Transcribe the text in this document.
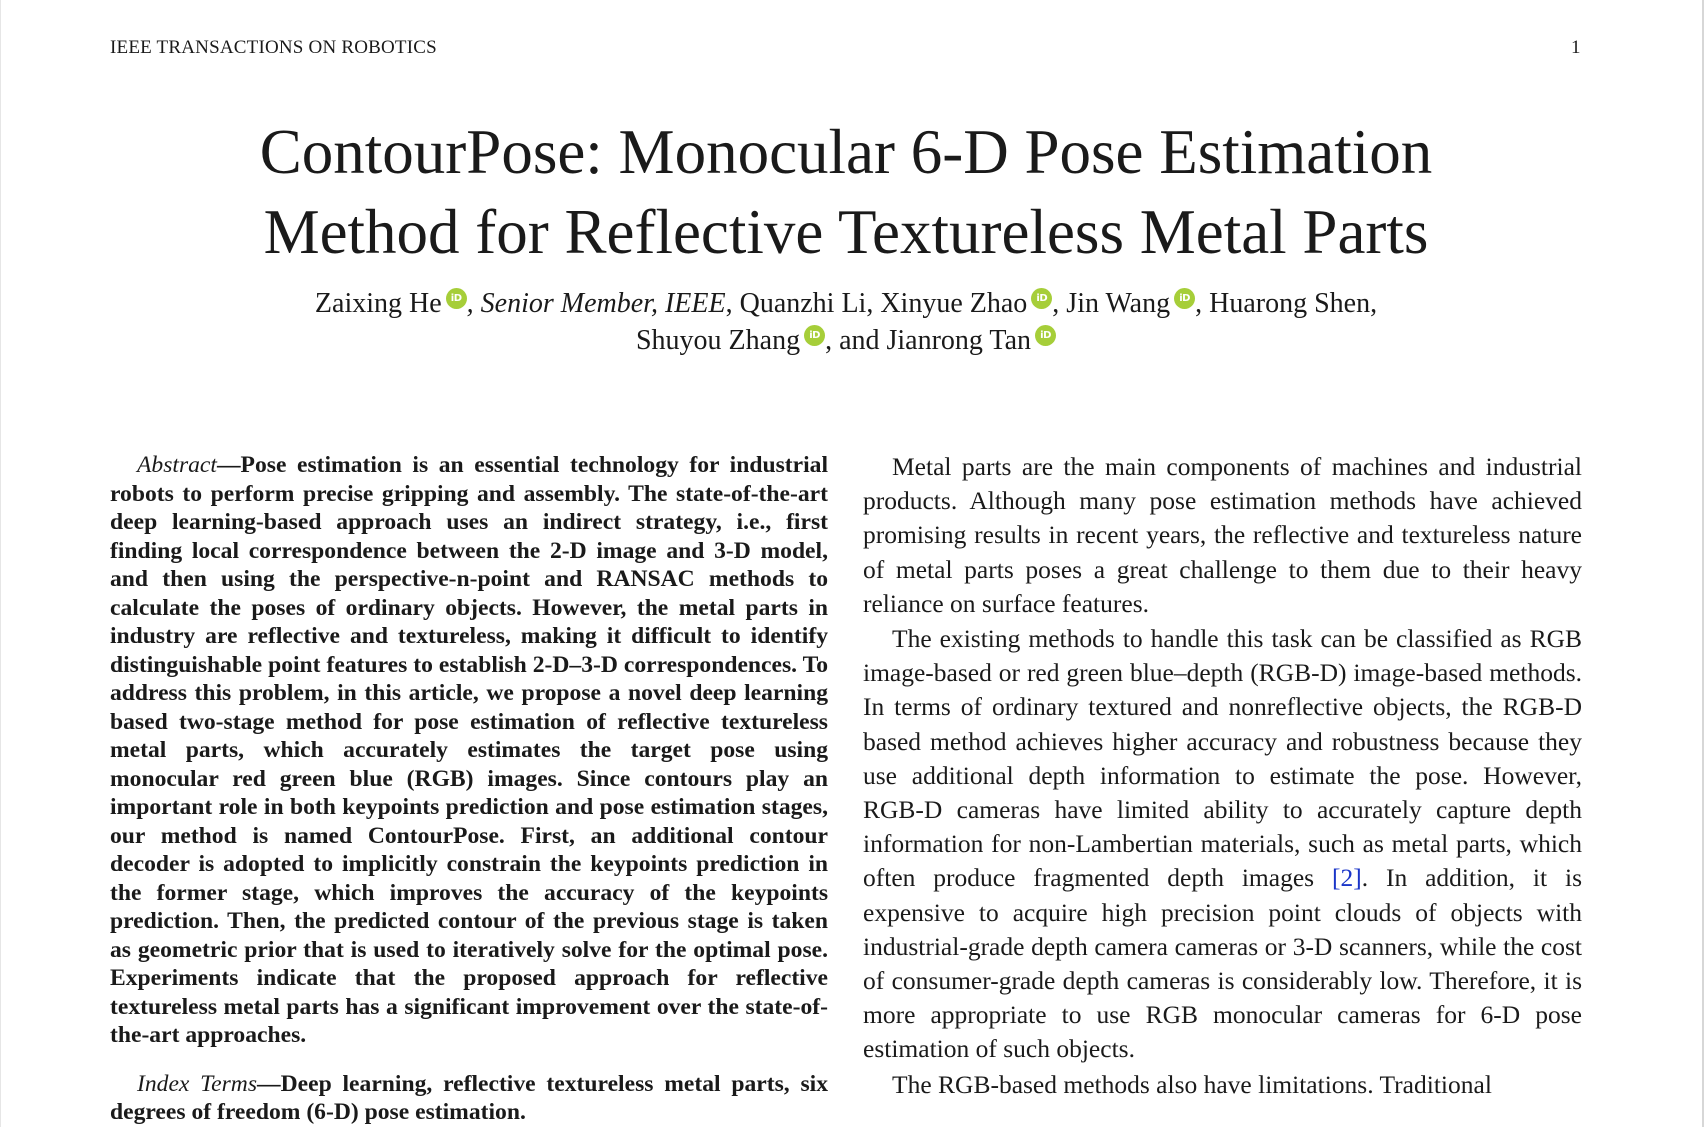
IEEE TRANSACTIONS ON ROBOTICS	1
ContourPose: Monocular 6-D Pose Estimation
Method for Reflective Textureless Metal Parts
Zaixing He iD , Senior Member, IEEE, Quanzhi Li, Xinyue Zhao iD , Jin Wang iD , Huarong Shen,
Shuyou Zhang iD , and Jianrong Tan iD

Abstract—Pose estimation is an essential technology for industrial robots to perform precise gripping and assembly. The state-of-the-art deep learning-based approach uses an indirect strategy, i.e., first finding local correspondence between the 2-D image and 3-D model, and then using the perspective-n-point and RANSAC methods to calculate the poses of ordinary objects. However, the metal parts in industry are reflective and textureless, making it difficult to identify distinguishable point features to establish 2-D–3-D correspondences. To address this problem, in this article, we propose a novel deep learning based two-stage method for pose estimation of reflective textureless metal parts, which accurately estimates the target pose using monocular red green blue (RGB) images. Since contours play an important role in both keypoints prediction and pose estimation stages, our method is named ContourPose. First, an additional contour decoder is adopted to implicitly constrain the keypoints prediction in the former stage, which improves the accuracy of the keypoints prediction. Then, the predicted contour of the previous stage is taken as geometric prior that is used to iteratively solve for the optimal pose. Experiments indicate that the proposed approach for reflective textureless metal parts has a significant improvement over the state-of-the-art approaches.

Index Terms—Deep learning, reflective textureless metal parts, six degrees of freedom (6-D) pose estimation.

Metal parts are the main components of machines and industrial products. Although many pose estimation methods have achieved promising results in recent years, the reflective and textureless nature of metal parts poses a great challenge to them due to their heavy reliance on surface features.

The existing methods to handle this task can be classified as RGB image-based or red green blue–depth (RGB-D) image-based methods. In terms of ordinary textured and nonreflective objects, the RGB-D based method achieves higher accuracy and robustness because they use additional depth information to estimate the pose. However, RGB-D cameras have limited ability to accurately capture depth information for non-Lambertian materials, such as metal parts, which often produce fragmented depth images [2]. In addition, it is expensive to acquire high precision point clouds of objects with industrial-grade depth camera cameras or 3-D scanners, while the cost of consumer-grade depth cameras is considerably low. Therefore, it is more appropriate to use RGB monocular cameras for 6-D pose estimation of such objects.

The RGB-based methods also have limitations. Traditional
